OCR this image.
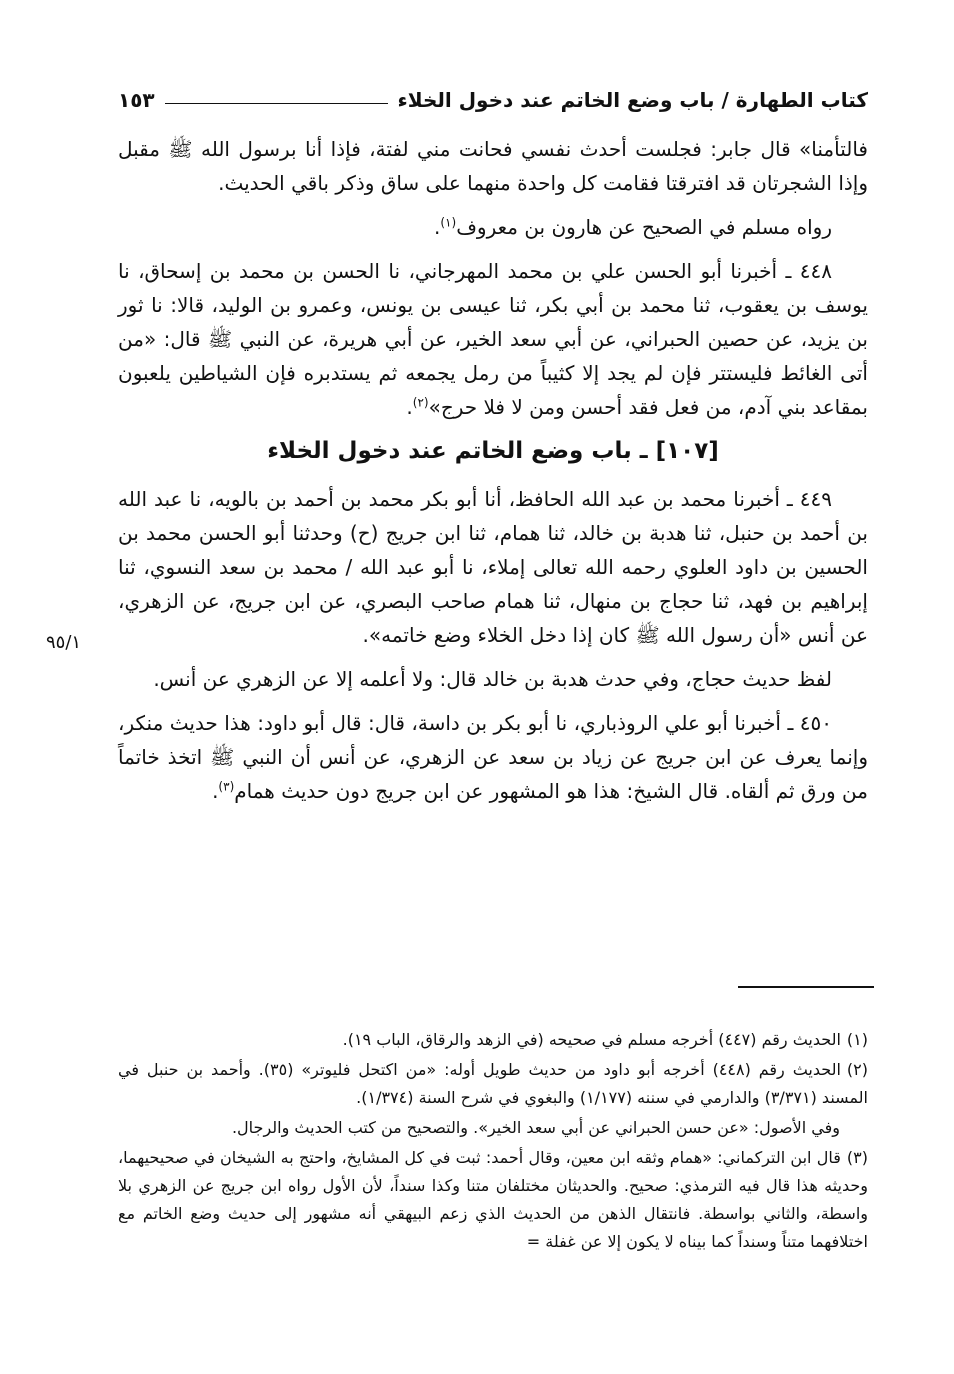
كتاب الطهارة / باب وضع الخاتم عند دخول الخلاء
١٥٣

فالتأمنا» قال جابر: فجلست أحدث نفسي فحانت مني لفتة، فإذا أنا برسول الله ﷺ مقبل وإذا الشجرتان قد افترقتا فقامت كل واحدة منهما على ساق وذكر باقي الحديث.

رواه مسلم في الصحيح عن هارون بن معروف$^{(١)}$.

٤٤٨ ـ أخبرنا أبو الحسن علي بن محمد المهرجاني، نا الحسن بن محمد بن إسحاق، نا يوسف بن يعقوب، ثنا محمد بن أبي بكر، ثنا عيسى بن يونس، وعمرو بن الوليد، قالا: نا ثور بن يزيد، عن حصين الحبراني، عن أبي سعد الخير، عن أبي هريرة، عن النبي ﷺ قال: «من أتى الغائط فليستتر فإن لم يجد إلا كثيباً من رمل يجمعه ثم يستدبره فإن الشياطين يلعبون بمقاعد بني آدم، من فعل فقد أحسن ومن لا فلا حرج»$^{(٢)}$.

[١٠٧] ـ باب وضع الخاتم عند دخول الخلاء

٤٤٩ ـ أخبرنا محمد بن عبد الله الحافظ، أنا أبو بكر محمد بن أحمد بن بالويه، نا عبد الله بن أحمد بن حنبل، ثنا هدبة بن خالد، ثنا همام، ثنا ابن جريج (ح) وحدثنا أبو الحسن محمد بن الحسين بن داود العلوي رحمه الله تعالى إملاء، نا أبو عبد الله / محمد بن سعد النسوي، ثنا إبراهيم بن فهد، ثنا حجاج بن منهال، ثنا همام صاحب البصري، عن ابن جريج، عن الزهري، عن أنس «أن رسول الله ﷺ كان إذا دخل الخلاء وضع خاتمه».

لفظ حديث حجاج، وفي حدث هدبة بن خالد قال: ولا أعلمه إلا عن الزهري عن أنس.

٤٥٠ ـ أخبرنا أبو علي الروذباري، نا أبو بكر بن داسة، قال: قال أبو داود: هذا حديث منكر، وإنما يعرف عن ابن جريج عن زياد بن سعد عن الزهري، عن أنس أن النبي ﷺ اتخذ خاتماً من ورق ثم ألقاه. قال الشيخ: هذا هو المشهور عن ابن جريج دون حديث همام$^{(٣)}$.

٩٥/١

(١)الحديث رقم (٤٤٧) أخرجه مسلم في صحيحه (في الزهد والرقاق، الباب ١٩).

(٢)الحديث رقم (٤٤٨) أخرجه أبو داود من حديث طويل أوله: «من اكتحل فليوتر» (٣٥). وأحمد بن حنبل في المسند (٣/٣٧١) والدارمي في سننه (١/١٧٧) والبغوي في شرح السنة (١/٣٧٤).

وفي الأصول: «عن حسن الحبراني عن أبي سعد الخير». والتصحيح من كتب الحديث والرجال.

(٣)قال ابن التركماني: «همام وثقه ابن معين، وقال أحمد: ثبت في كل المشايخ، واحتج به الشيخان في صحيحيهما، وحديثه هذا قال فيه الترمذي: صحيح. والحديثان مختلفان متنا وكذا سنداً، لأن الأول رواه ابن جريج عن الزهري بلا واسطة، والثاني بواسطة. فانتقال الذهن من الحديث الذي زعم البيهقي أنه مشهور إلى حديث وضع الخاتم مع اختلافهما متناً وسنداً كما بيناه لا يكون إلا عن غفلة =
